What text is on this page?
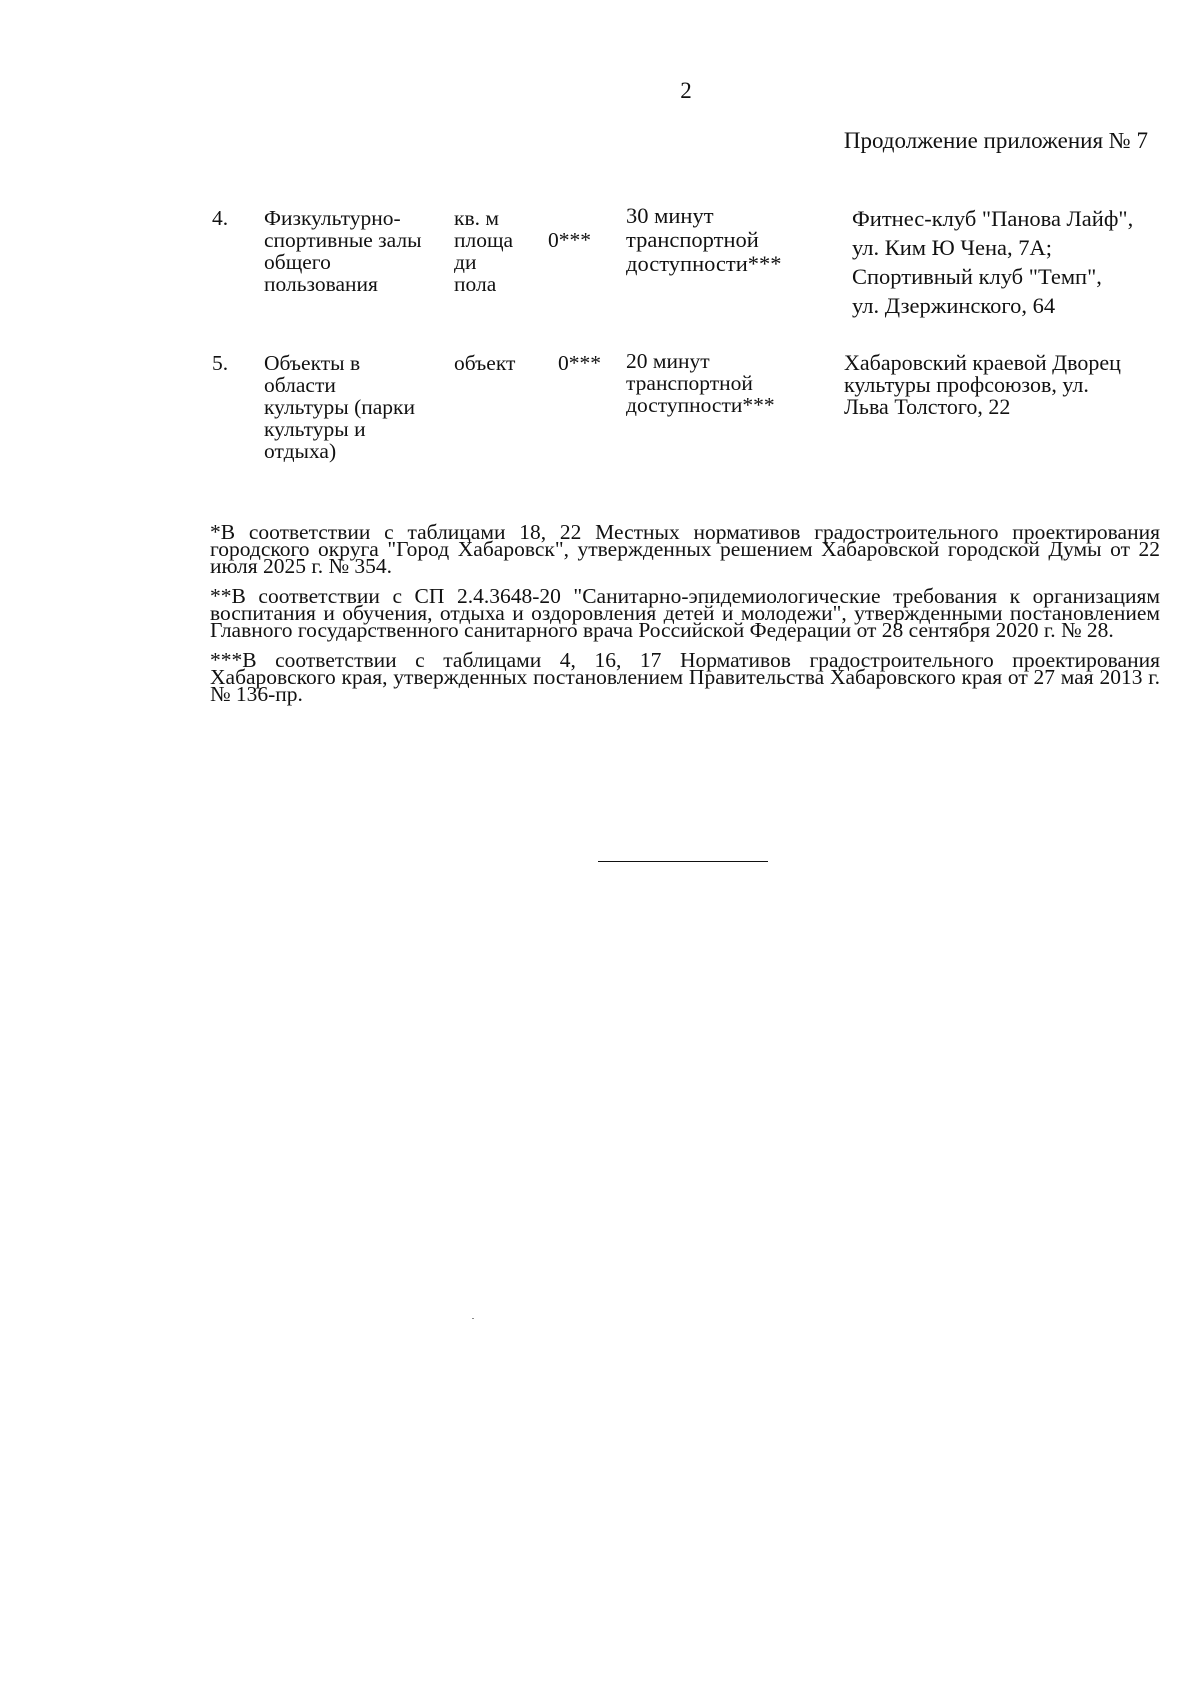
2
Продолжение приложения № 7
4. Физкультурно-
спортивные залы
общего
пользования
кв. м
площа
ди
пола
0***
30 минут
транспортной
доступности***
Фитнес-клуб "Панова Лайф",
ул. Ким Ю Чена, 7А;
Спортивный клуб "Темп",
ул. Дзержинского, 64
5. Объекты в
области
культуры (парки
культуры и
отдыха)
объект	0*** 20 минут
транспортной
доступности***
Хабаровский краевой Дворец
культуры профсоюзов, ул.
Льва Толстого, 22

*В соответствии с таблицами 18, 22 Местных нормативов градостроительного проектирования городского округа "Город Хабаровск", утвержденных решением Хабаровской городской Думы от 22 июля 2025 г. № 354.

**В соответствии с СП 2.4.3648-20 "Санитарно-эпидемиологические требования к организациям воспитания и обучения, отдыха и оздоровления детей и молодежи", утвержденными постановлением Главного государственного санитарного врача Российской Федерации от 28 сентября 2020 г. № 28.

***В соответствии с таблицами 4, 16, 17 Нормативов градостроительного проектирования Хабаровского края, утвержденных постановлением Правительства Хабаровского края от 27 мая 2013 г. № 136-пр.
